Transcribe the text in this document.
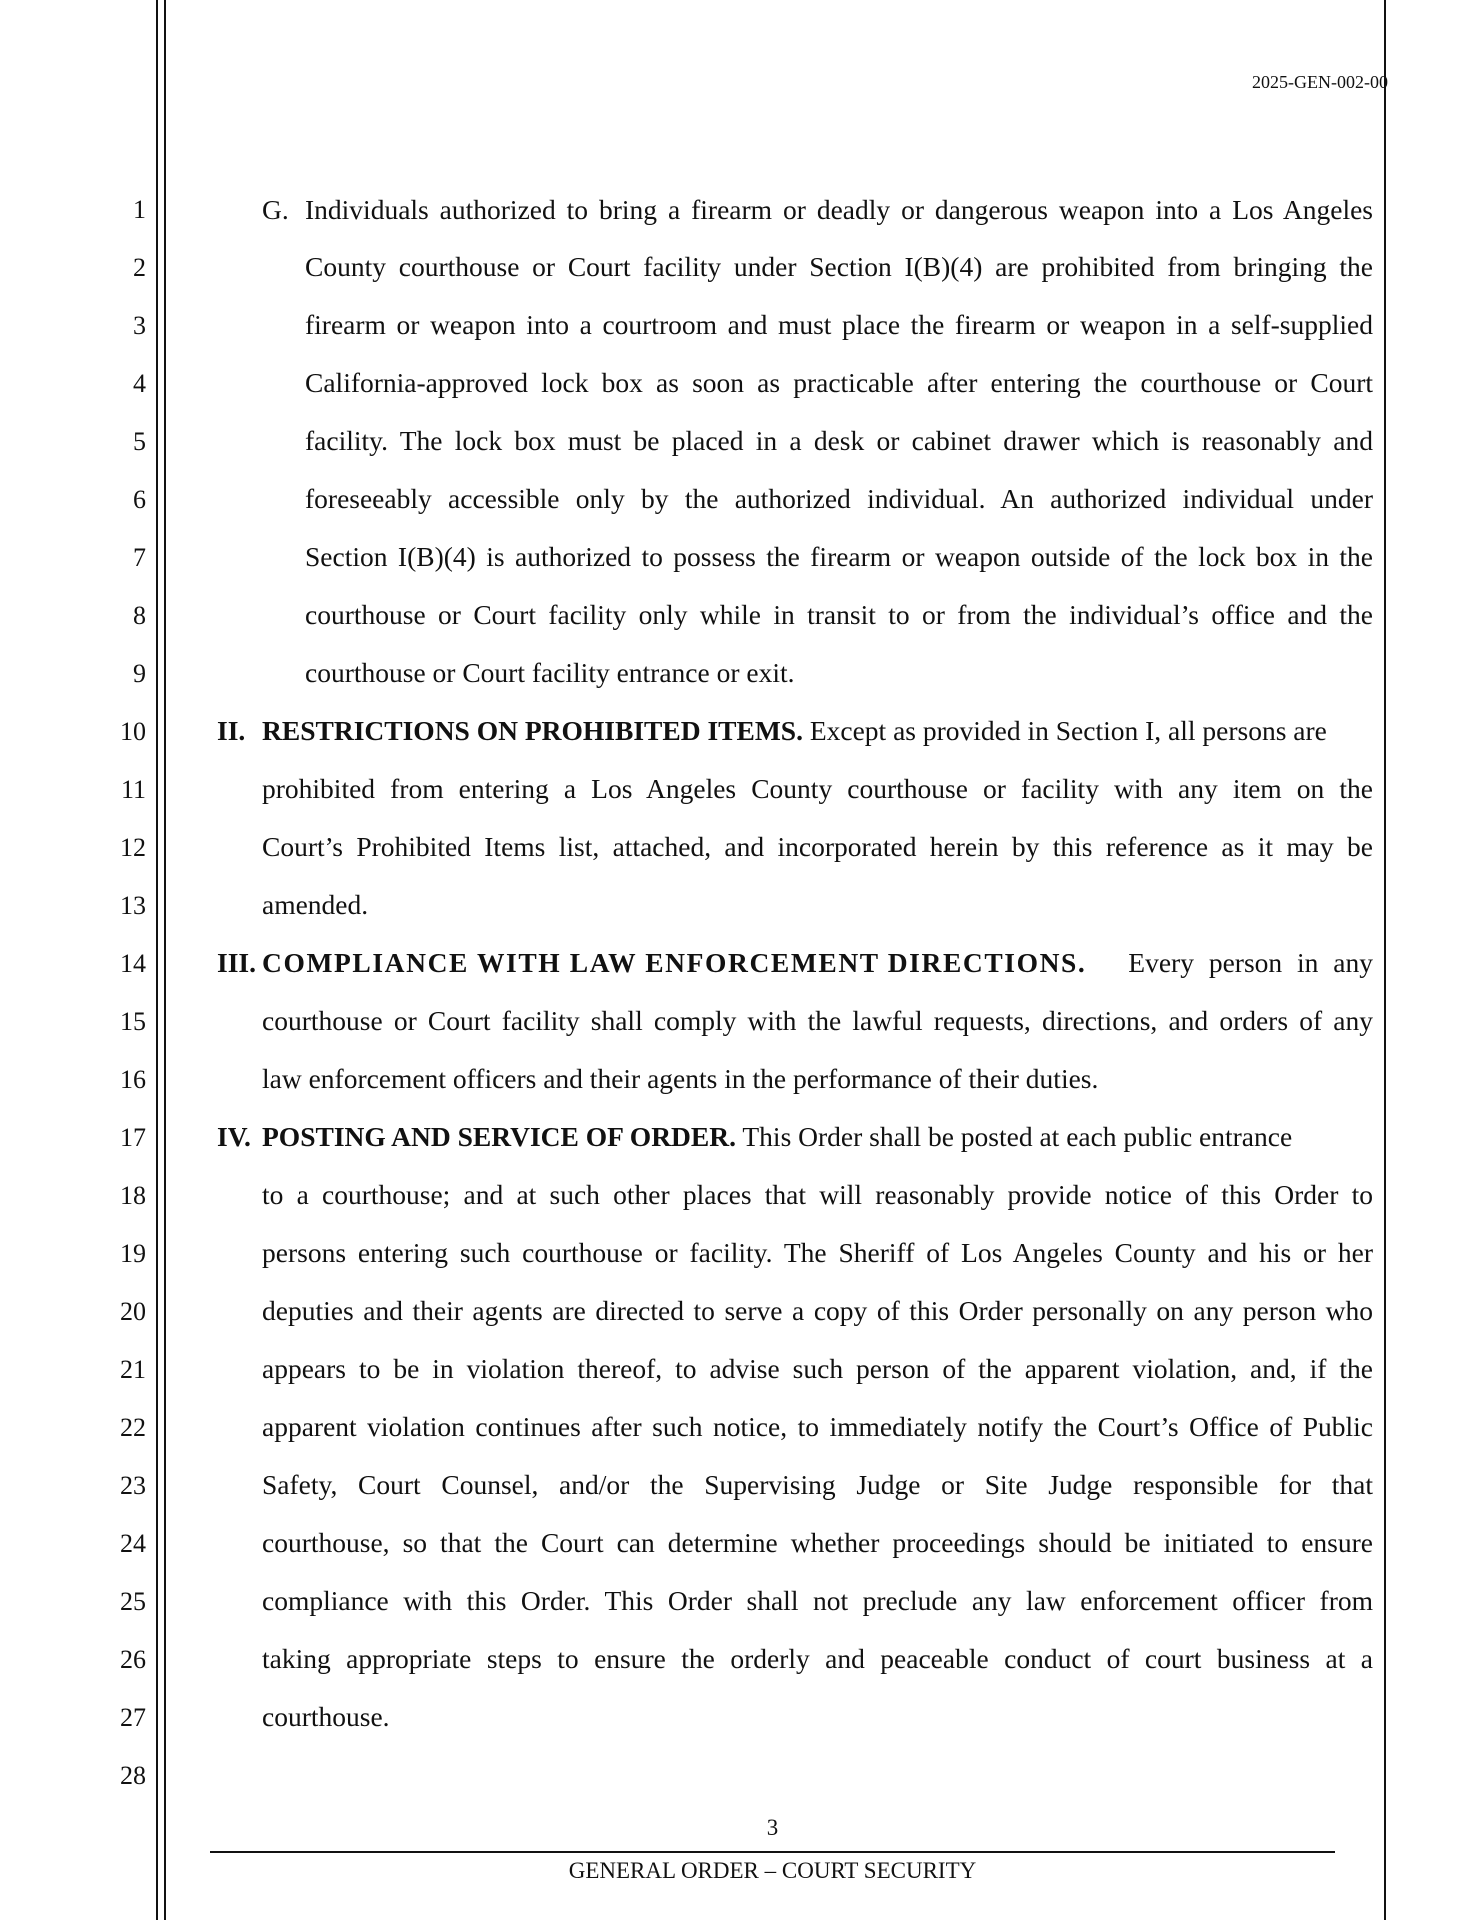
2025-GEN-002-00
1
2
3
4
5
6
7
8
9
10
11
12
13
14
15
16
17
18
19
20
21
22
23
24
25
26
27
28
G. Individuals authorized to bring a firearm or deadly or dangerous weapon into a Los Angeles
County courthouse or Court facility under Section I(B)(4) are prohibited from bringing the
firearm or weapon into a courtroom and must place the firearm or weapon in a self-supplied
California-approved lock box as soon as practicable after entering the courthouse or Court
facility. The lock box must be placed in a desk or cabinet drawer which is reasonably and
foreseeably accessible only by the authorized individual. An authorized individual under
Section I(B)(4) is authorized to possess the firearm or weapon outside of the lock box in the
courthouse or Court facility only while in transit to or from the individual’s office and the
courthouse or Court facility entrance or exit.
II. RESTRICTIONS ON PROHIBITED ITEMS. Except as provided in Section I, all persons are
prohibited from entering a Los Angeles County courthouse or facility with any item on the
Court’s Prohibited Items list, attached, and incorporated herein by this reference as it may be
amended.
III. COMPLIANCE WITH LAW ENFORCEMENT DIRECTIONS. Every person in any
courthouse or Court facility shall comply with the lawful requests, directions, and orders of any
law enforcement officers and their agents in the performance of their duties.
IV. POSTING AND SERVICE OF ORDER. This Order shall be posted at each public entrance
to a courthouse; and at such other places that will reasonably provide notice of this Order to
persons entering such courthouse or facility. The Sheriff of Los Angeles County and his or her
deputies and their agents are directed to serve a copy of this Order personally on any person who
appears to be in violation thereof, to advise such person of the apparent violation, and, if the
apparent violation continues after such notice, to immediately notify the Court’s Office of Public
Safety, Court Counsel, and/or the Supervising Judge or Site Judge responsible for that
courthouse, so that the Court can determine whether proceedings should be initiated to ensure
compliance with this Order. This Order shall not preclude any law enforcement officer from
taking appropriate steps to ensure the orderly and peaceable conduct of court business at a
courthouse.
3
GENERAL ORDER – COURT SECURITY
